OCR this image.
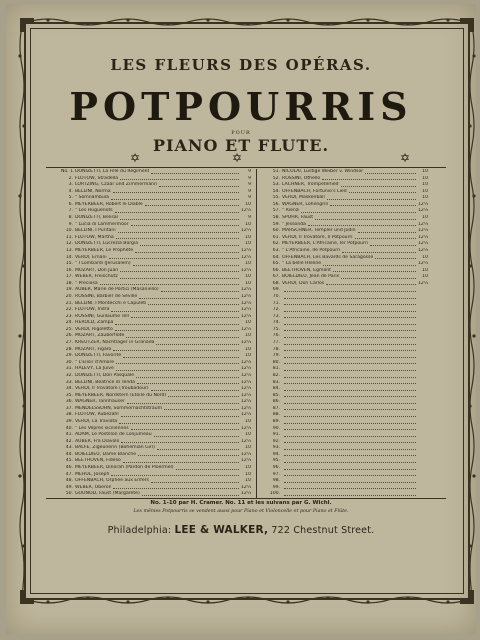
LES FLEURS DES OPÉRAS.
POTPOURRIS
POUR
PIANO ET FLUTE.
✡	✡	✡
No. 1. DONIZETTI, La Fille du Régiment	9
2. FLOTOW, Stradella	9
3. LORTZING, Czaar und Zimmermann	9
4. BELLINI, Norma	9
5. " Somnambula	9
6. MEYERBEER, Robert le Diable	10
7. " Les Huguenots	12½
8. DONIZETTI, Belisar	9
9. " Lucia di Lammermoor	10
10. BELLINI, I Puritani	12½
11. FLOTOW, Martha	10
12. DONIZETTI, Lucrezia Borgia	10
13. MEYERBEER, Le Prophète	12½
14. VERDI, Ernani	12½
15. " I Lombardi (Jerusalem)	10
16. MOZART, Don Juan	12½
17. WEBER, Freischütz	10
18. " Preciosa	10
19. AUBER, Marie de Portici (Masaniello)	12½
20. ROSSINI, Barbier de Séville	12½
21. BELLINI, I Montecchi e Capuleti	12½
22. FLOTOW, Indra	12½
23. ROSSINI, Guillaume Tell	12½
24. HEROLD, Zampa	10
25. VERDI, Rigoletto	12½
26. MOZART, Zauberflöte	10
27. KREUTZER, Nachtlager in Granada	12½
28. MOZART, Figaro	10
29. DONIZETTI, Favorite	10
30. " L'Elisir d'Amore	12½
31. HALEVY, La Juive	12½
32. DONIZETTI, Don Pasquale	12½
33. BELLINI, Beatrice di Tenda	12½
34. VERDI, Il Trovatore (Troubadour)	12½
35. MEYERBEER, Nordstern (Étoile du Nord)	12½
36. WAGNER, Tannhäuser	12½
37. MENDELSSOHN, Sommernachtstraum	12½
38. FLOTOW, Rübezahl	12½
39. VERDI, La Traviata	10
40. " Les Vêpres siciliennes	12½
41. ADAM, Le Postillon de Lonjumeau	10
42. AUBER, Fra Diavolo	12½
43. BALFE, Zigeunerin (Bohemian Girl)	10
44. BOIELDIEU, Dame Blanche	12½
45. BEETHOVEN, Fidelio	12½
46. MEYERBEER, Dinorah (Pardon de Ploërmel)	10
47. MEHUL, Joseph	10
48. OFFENBACH, Orphée aux Enfers	10
49. WEBER, Oberon	12½
50. GOUNOD, Faust (Margarete)	12½
51. NICOLAI, Lustige Weiber v. Windsor	10
52. ROSSINI, Othello	10
53. LACHNER, Trompeterlied	10
54. OFFENBACH, Fortunio's Lied	10
55. VERDI, Maskenball	10
56. WAGNER, Lohengrin	12½
57. " Rienzi	12½
58. SPOHR, Faust	10
59. " Jessonda	12½
60. MARSCHNER, Templer und Jüdin	12½
61. VERDI, Il Trovatore, II Potpourri	12½
62. MEYERBEER, L'Africaine, Ier Potpourri	12½
63. " L'Africaine, IIe Potpourri	12½
64. OFFENBACH, Les Bavards de Saragosse	10
65. " La belle Hélène	12½
66. BEETHOVEN, Egmont	10
67. BOIELDIEU, Jean de Paris	10
68. VERDI, Don Carlos	12½
69.
70.
71.
72.
73.
74.
75.
76.
77.
78.
79.
80.
81.
82.
83.
84.
85.
86.
87.
88.
89.
90.
91.
92.
93.
94.
95.
96.
97.
98.
99.
100.
No. 1-10 par H. Cramer. No. 11 et les suivans par G. Wichl.
Les mêmes Potpourris se vendent aussi pour Piano et Violoncelle et pour Piano et Flûte.
Philadelphia: LEE & WALKER, 722 Chestnut Street.
